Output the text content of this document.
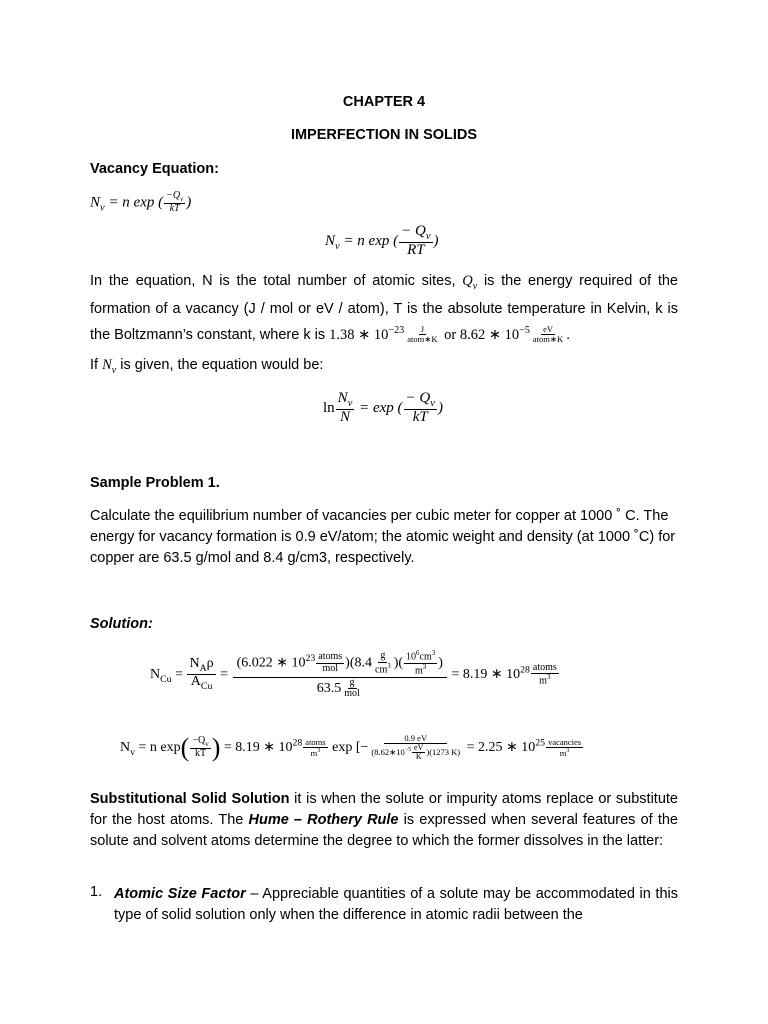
CHAPTER 4
IMPERFECTION IN SOLIDS
Vacancy Equation:
$N_v = n$ exp ( $\frac{-Q_v}{kT}$ )
$N_v = n$ exp ( $\frac{- Q_v}{RT}$ )
In the equation, N is the total number of atomic sites, $Q_v$ is the energy required of the formation of a vacancy (J / mol or eV / atom), T is the absolute temperature in Kelvin, k is the Boltzmann’s constant, where k is 1.38 ∗ $10^{-23} \frac{J}{\text{atom∗K}}$ or 8.62 ∗ $10^{-5} \frac{eV}{\text{atom∗K}}$ .
If $N_v$ is given, the equation would be:
$\ln \frac{N_v}{N} = \exp$ ( $\frac{- Q_v}{kT}$ )
Sample Problem 1.
Calculate the equilibrium number of vacancies per cubic meter for copper at 1000 ˚ C. The energy for vacancy formation is 0.9 eV/atom; the atomic weight and density (at 1000 ˚C) for copper are 63.5 g/mol and 8.4 g/cm3, respectively.
Solution:
$N_{Cu} = \frac{N_A\rho}{A_{Cu}} = \frac{(6.022 ∗ 10^{23} \frac{\text{atoms}}{\text{mol}} )(8.4 \frac{g}{cm^3} )( \frac{10^6cm^3}{m^3} )}{63.5 \frac{g}{\text{mol}}} = 8.19$ ∗ $10^{28} \frac{\text{atoms}}{m^3}$
$N_v = n$ $\exp( \frac{-Q_v}{kT}$ ) = 8.19 ∗ $10^{28} \frac{\text{atoms}}{m^3}$ exp [− $\frac{0.9 eV}{(8.62∗10^{-5} \frac{eV}{K} )(1273 K)} = 2.25$ ∗ $10^{25} \frac{\text{vacancies}}{m^3}$
Substitutional Solid Solution it is when the solute or impurity atoms replace or substitute for the host atoms. The Hume – Rothery Rule is expressed when several features of the solute and solvent atoms determine the degree to which the former dissolves in the latter:
1. Atomic Size Factor – Appreciable quantities of a solute may be accommodated in this type of solid solution only when the difference in atomic radii between the
